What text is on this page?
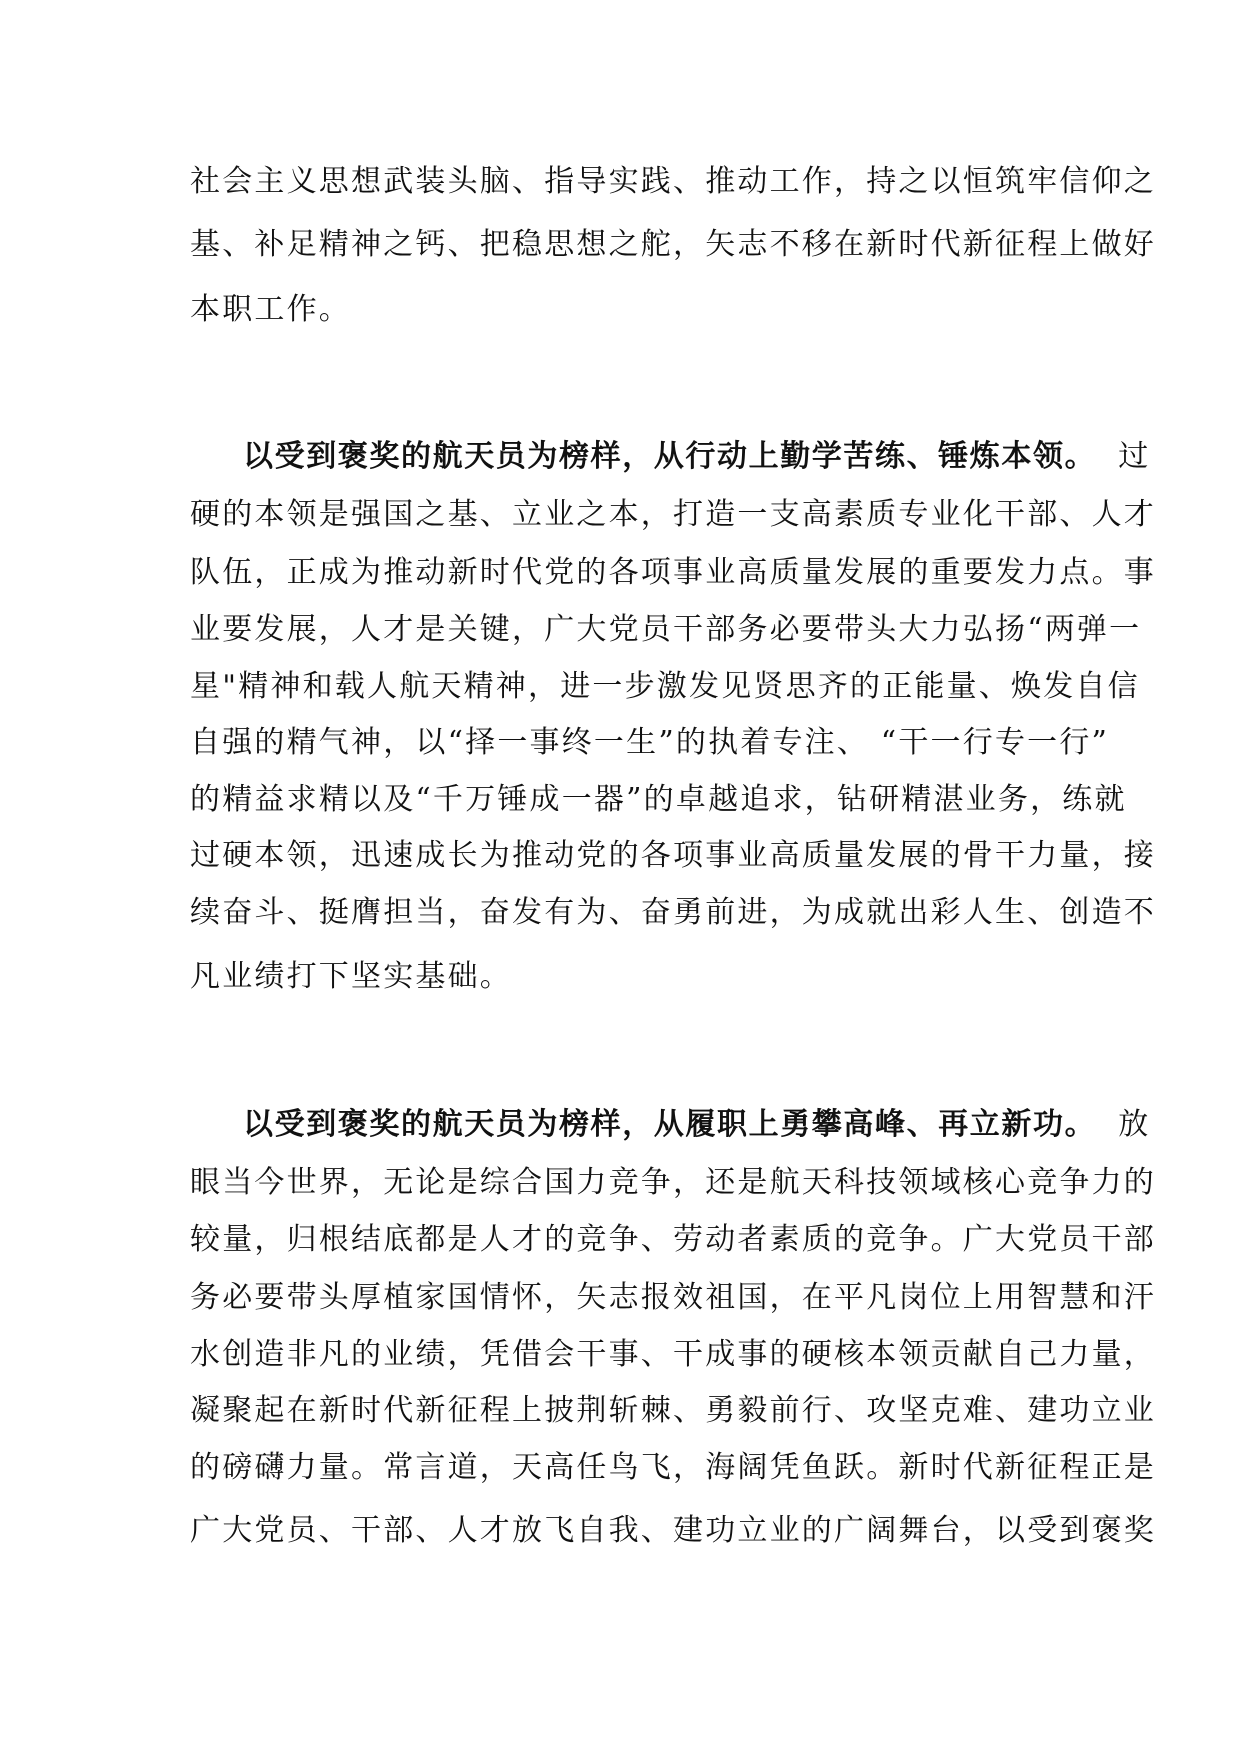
社会主义思想武装头脑、指导实践、推动工作，持之以恒筑牢信仰之

基、补足精神之钙、把稳思想之舵，矢志不移在新时代新征程上做好

本职工作。

以受到褒奖的航天员为榜样，从行动上勤学苦练、锤炼本领。 过

硬的本领是强国之基、立业之本，打造一支高素质专业化干部、人才

队伍，正成为推动新时代党的各项事业高质量发展的重要发力点。事

业要发展，人才是关键，广大党员干部务必要带头大力弘扬“两弹一

星"精神和载人航天精神，进一步激发见贤思齐的正能量、焕发自信

自强的精气神，以“择一事终一生”的执着专注、 “干一行专一行”

的精益求精以及“千万锤成一器”的卓越追求，钻研精湛业务，练就

过硬本领，迅速成长为推动党的各项事业高质量发展的骨干力量，接

续奋斗、挺膺担当，奋发有为、奋勇前进，为成就出彩人生、创造不

凡业绩打下坚实基础。

以受到褒奖的航天员为榜样，从履职上勇攀高峰、再立新功。 放

眼当今世界，无论是综合国力竞争，还是航天科技领域核心竞争力的

较量，归根结底都是人才的竞争、劳动者素质的竞争。广大党员干部

务必要带头厚植家国情怀，矢志报效祖国，在平凡岗位上用智慧和汗

水创造非凡的业绩，凭借会干事、干成事的硬核本领贡献自己力量，

凝聚起在新时代新征程上披荆斩棘、勇毅前行、攻坚克难、建功立业

的磅礴力量。常言道，天高任鸟飞，海阔凭鱼跃。新时代新征程正是

广大党员、干部、人才放飞自我、建功立业的广阔舞台，以受到褒奖
